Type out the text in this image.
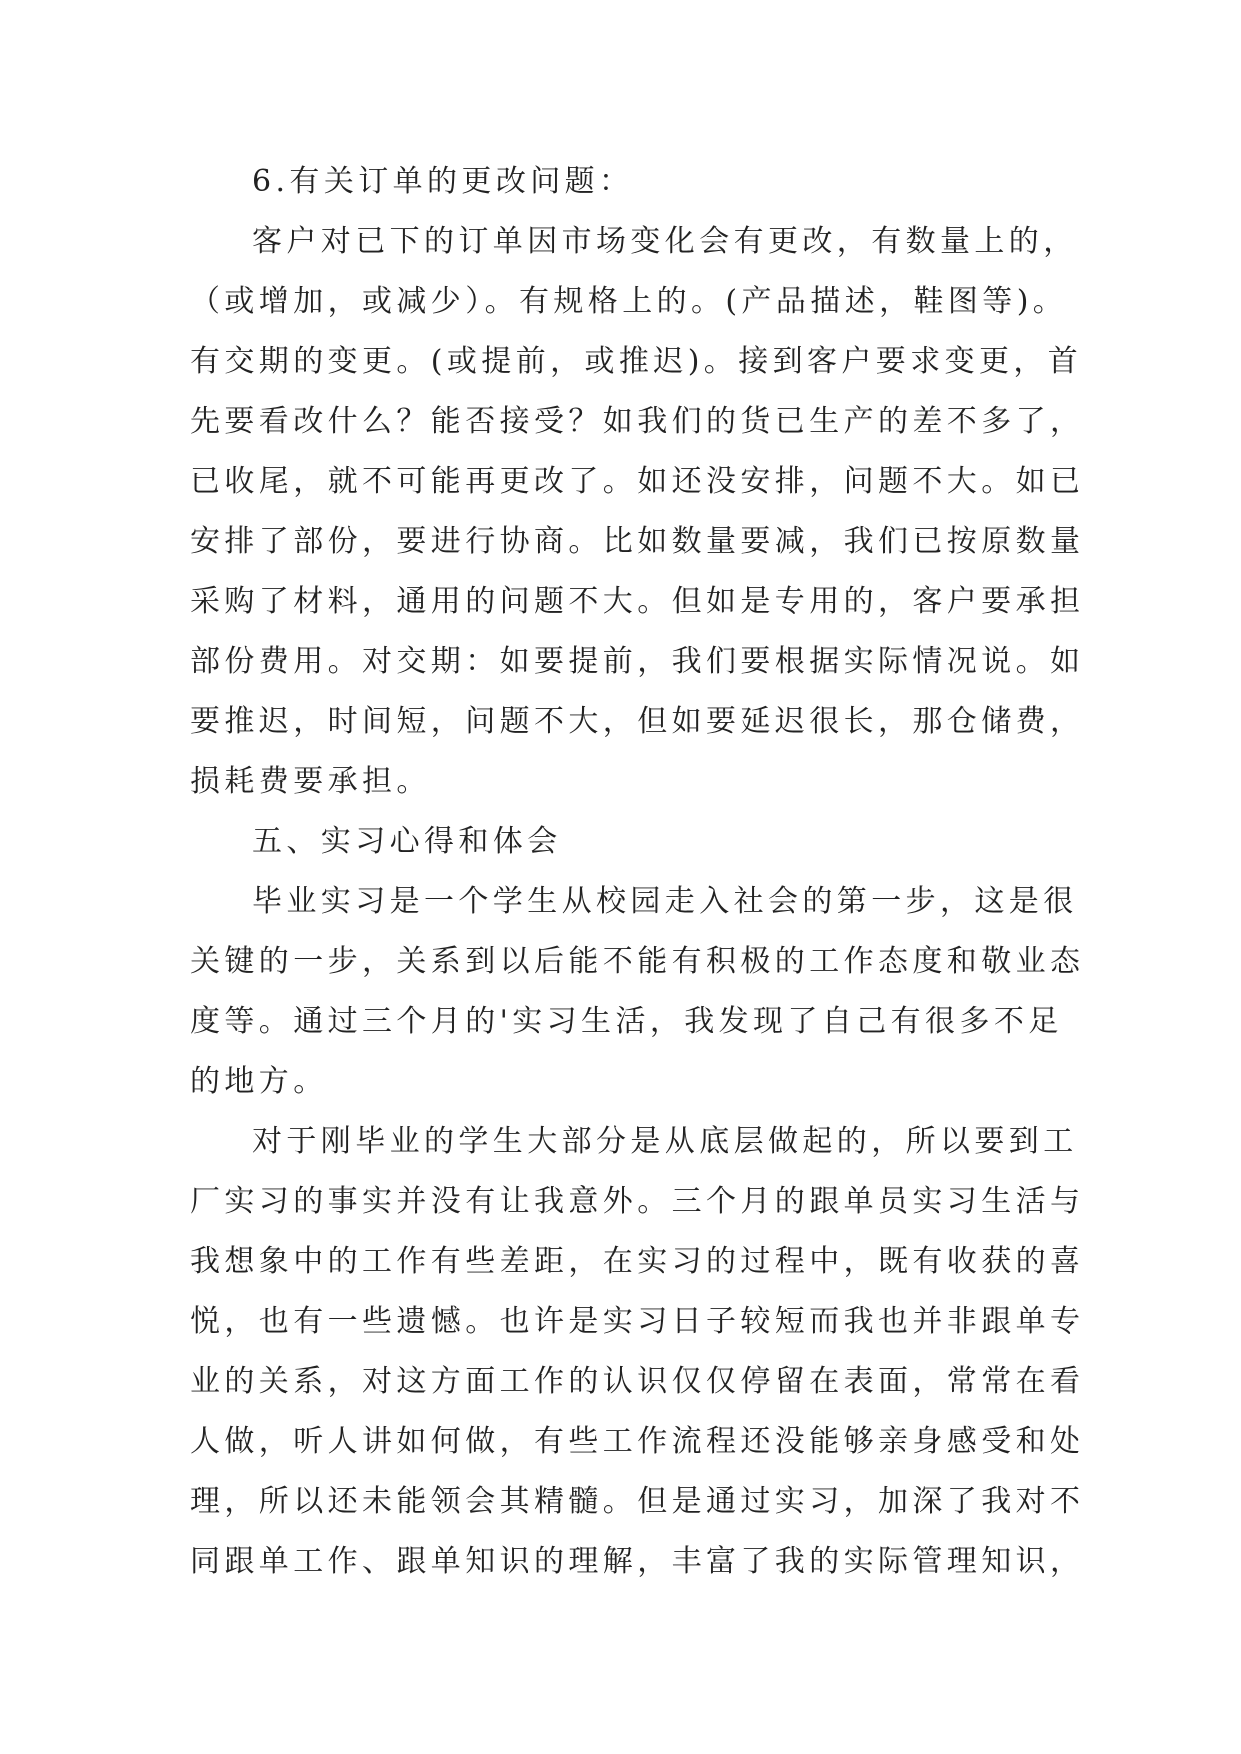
6.有关订单的更改问题：
客户对已下的订单因市场变化会有更改，有数量上的，
（或增加，或减少）。有规格上的。(产品描述，鞋图等)。
有交期的变更。(或提前，或推迟)。接到客户要求变更，首
先要看改什么？能否接受？如我们的货已生产的差不多了，
已收尾，就不可能再更改了。如还没安排，问题不大。如已
安排了部份，要进行协商。比如数量要减，我们已按原数量
采购了材料，通用的问题不大。但如是专用的，客户要承担
部份费用。对交期：如要提前，我们要根据实际情况说。如
要推迟，时间短，问题不大，但如要延迟很长，那仓储费，
损耗费要承担。
五、实习心得和体会
毕业实习是一个学生从校园走入社会的第一步，这是很
关键的一步，关系到以后能不能有积极的工作态度和敬业态
度等。通过三个月的'实习生活，我发现了自己有很多不足
的地方。
对于刚毕业的学生大部分是从底层做起的，所以要到工
厂实习的事实并没有让我意外。三个月的跟单员实习生活与
我想象中的工作有些差距，在实习的过程中，既有收获的喜
悦，也有一些遗憾。也许是实习日子较短而我也并非跟单专
业的关系，对这方面工作的认识仅仅停留在表面，常常在看
人做，听人讲如何做，有些工作流程还没能够亲身感受和处
理，所以还未能领会其精髓。但是通过实习，加深了我对不
同跟单工作、跟单知识的理解，丰富了我的实际管理知识，
